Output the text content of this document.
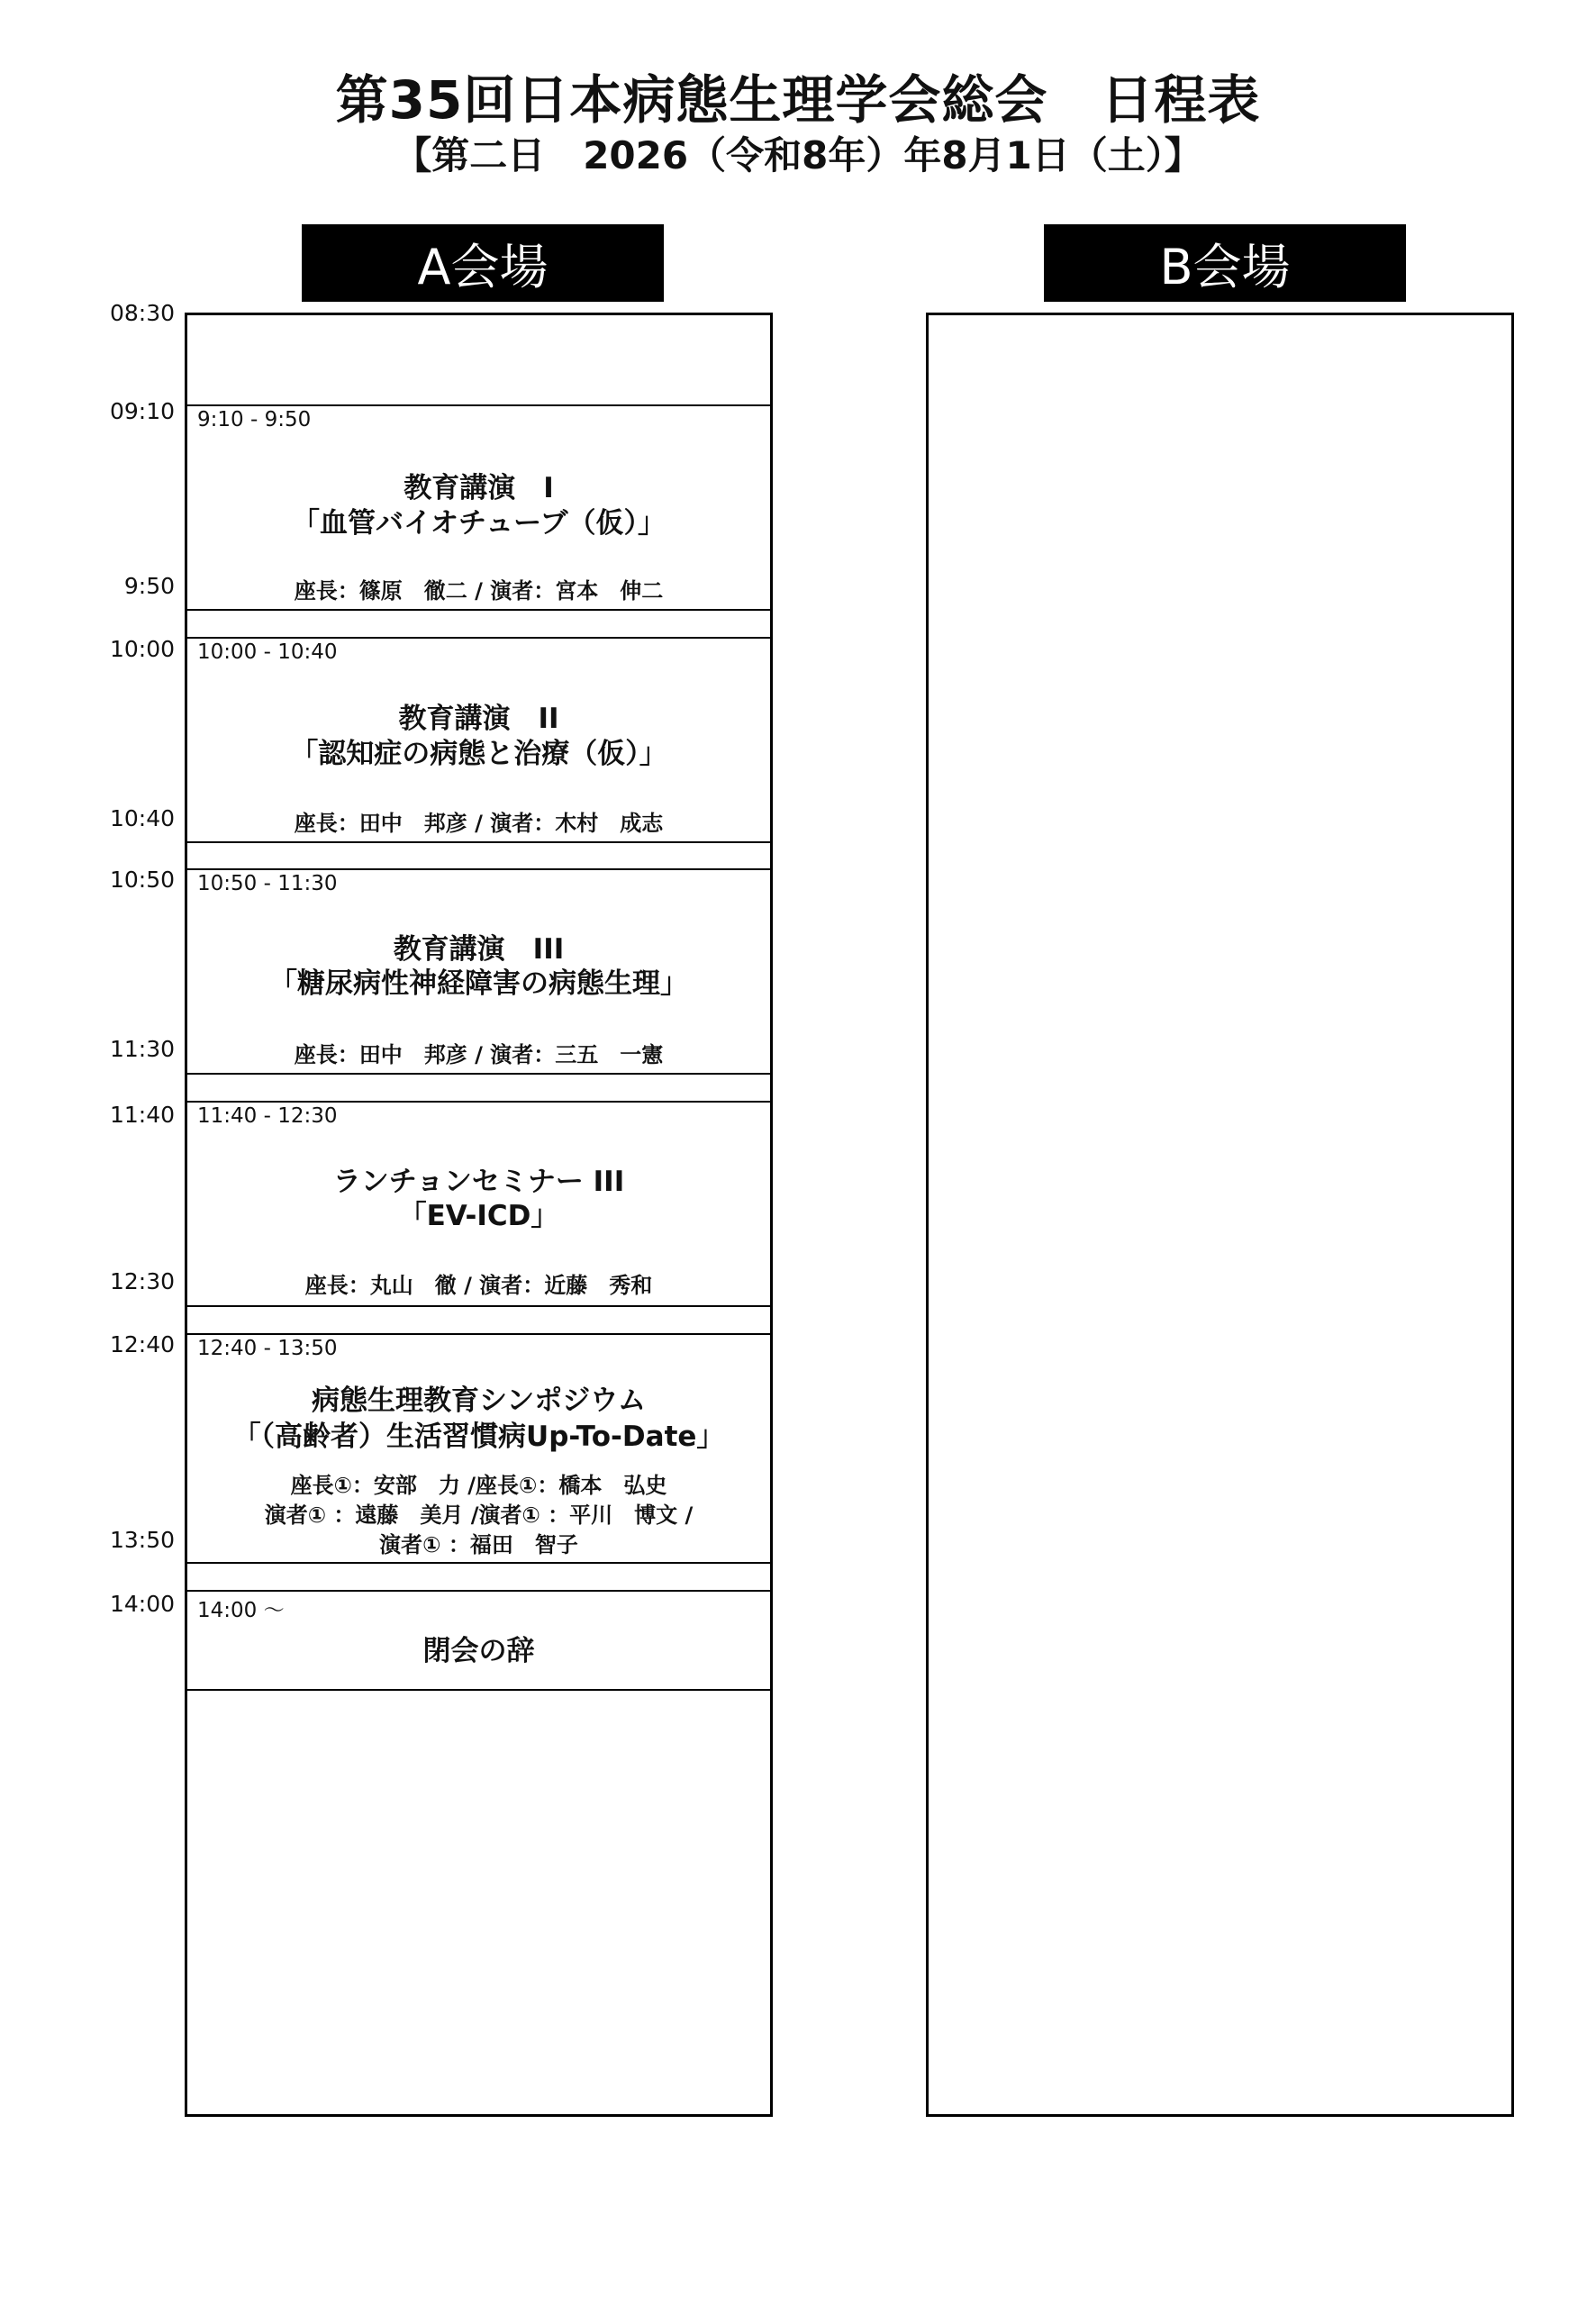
第35回日本病態生理学会総会　日程表
【第二日　2026（令和8年）年8月1日（土）】
A会場	B会場
08:30
09:10
9:50
10:00
10:40
10:50
11:30
11:40
12:30
12:40
13:50
14:00
9:10 - 9:50
教育講演　I
「血管バイオチューブ（仮）」
座長：篠原　徹二 / 演者：宮本　伸二
10:00 - 10:40
教育講演　II
「認知症の病態と治療（仮）」
座長：田中　邦彦 / 演者：木村　成志
10:50 - 11:30
教育講演　III
「糖尿病性神経障害の病態生理」
座長：田中　邦彦 / 演者：三五　一憲
11:40 - 12:30
ランチョンセミナー III
「EV-ICD」
座長：丸山　徹 / 演者：近藤　秀和
12:40 - 13:50
病態生理教育シンポジウム
「（高齢者）生活習慣病Up-To-Date」
座長①：安部　力 /座長①：橋本　弘史
演者① ：遠藤　美月 /演者① ：平川　博文 /
演者① ：福田　智子
14:00 ～
閉会の辞
